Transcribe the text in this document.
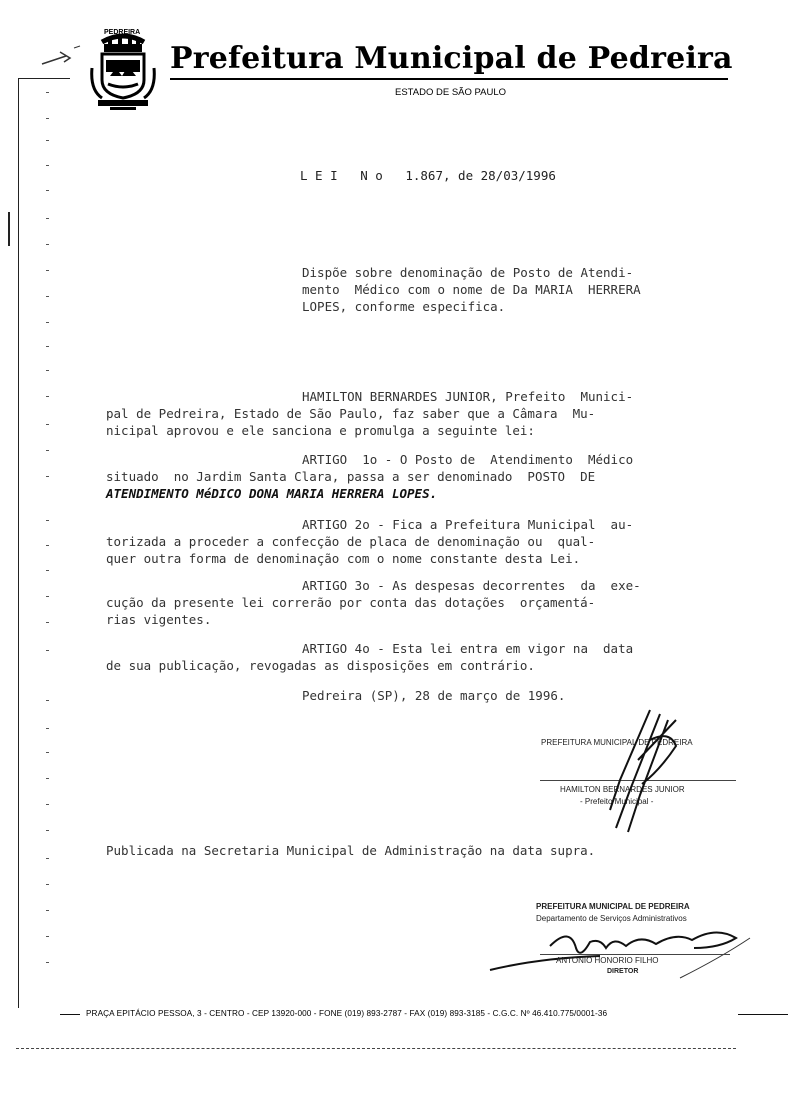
PEDREIRA
Prefeitura Municipal de Pedreira
ESTADO DE SÃO PAULO
L E I   N o   1.867, de 28/03/1996
Dispõe sobre denominação de Posto de Atendi-
mento  Médico com o nome de Da MARIA  HERRERA
LOPES, conforme especifica.
HAMILTON BERNARDES JUNIOR, Prefeito  Munici-
pal de Pedreira, Estado de São Paulo, faz saber que a Câmara  Mu-
nicipal aprovou e ele sanciona e promulga a seguinte lei:
ARTIGO  1o - O Posto de  Atendimento  Médico
situado  no Jardim Santa Clara, passa a ser denominado  POSTO  DE
ATENDIMENTO MéDICO DONA MARIA HERRERA LOPES.
ARTIGO 2o - Fica a Prefeitura Municipal  au-
torizada a proceder a confecção de placa de denominação ou  qual-
quer outra forma de denominação com o nome constante desta Lei.
ARTIGO 3o - As despesas decorrentes  da  exe-
cução da presente lei correrão por conta das dotações  orçamentá-
rias vigentes.
ARTIGO 4o - Esta lei entra em vigor na  data
de sua publicação, revogadas as disposições em contrário.
Pedreira (SP), 28 de março de 1996.
PREFEITURA MUNICIPAL DE PEDREIRA
HAMILTON BERNARDES JUNIOR
- Prefeito Municipal -
Publicada na Secretaria Municipal de Administração na data supra.
PREFEITURA MUNICIPAL DE PEDREIRA
Departamento de Serviços Administrativos
ANTONIO HONORIO FILHO
DIRETOR
PRAÇA EPITÁCIO PESSOA, 3 - CENTRO - CEP 13920-000 - FONE (019) 893-2787 - FAX (019) 893-3185 - C.G.C. Nº 46.410.775/0001-36
